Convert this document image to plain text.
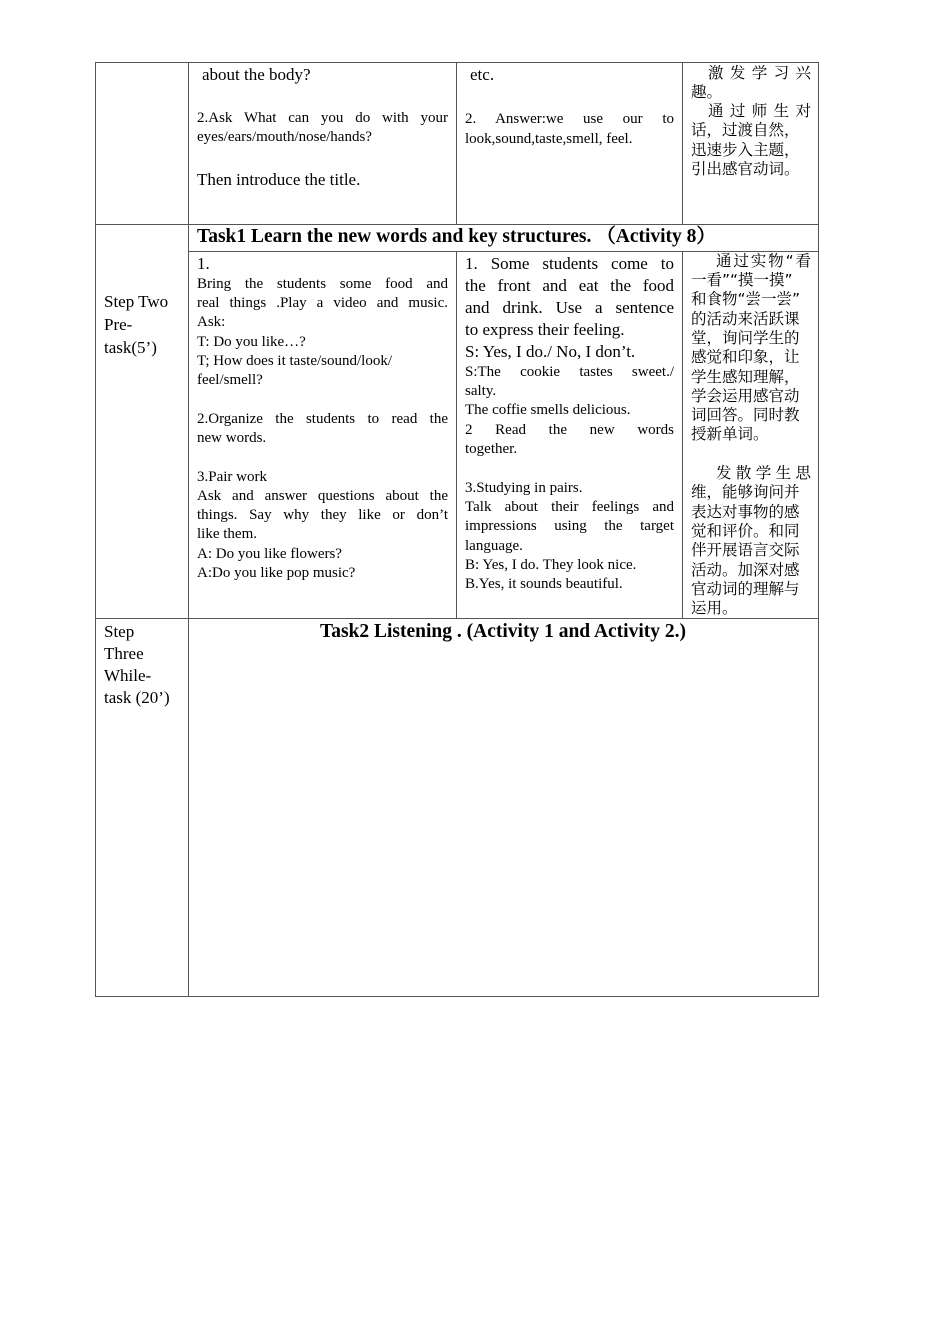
about the body?
2.Ask What can you do with your
eyes/ears/mouth/nose/hands?
Then introduce the title.
etc.
2. Answer:we use our to
look,sound,taste,smell, feel.
激发学习兴
趣。
通过师生对
话，过渡自然，
迅速步入主题，
引出感官动词。
Step Two
Pre-
task(5’)
Task1 Learn the new words and key structures. （Activity 8）
1.
Bring the students some food and
real things .Play a video and music.
Ask:
T: Do you like…?
T; How does it taste/sound/look/
feel/smell?
2.Organize the students to read the
new words.
3.Pair work
Ask and answer questions about the
things. Say why they like or don’t
like them.
A: Do you like flowers?
A:Do you like pop music?
1. Some students come to
the front and eat the food
and drink. Use a sentence
to express their feeling.
S: Yes, I do./ No, I don’t.
S:The cookie tastes sweet./
salty.
The coffie smells delicious.
2 Read the new words
together.
3.Studying in pairs.
Talk about their feelings and
impressions using the target
language.
B: Yes, I do. They look nice.
B.Yes, it sounds beautiful.
通过实物“看
一看”“摸一摸”
和食物“尝一尝”
的活动来活跃课
堂，询问学生的
感觉和印象，让
学生感知理解，
学会运用感官动
词回答。同时教
授新单词。
发散学生思
维，能够询问并
表达对事物的感
觉和评价。和同
伴开展语言交际
活动。加深对感
官动词的理解与
运用。
Step
Three
While-
task (20’)
Task2 Listening . (Activity 1 and Activity 2.)
